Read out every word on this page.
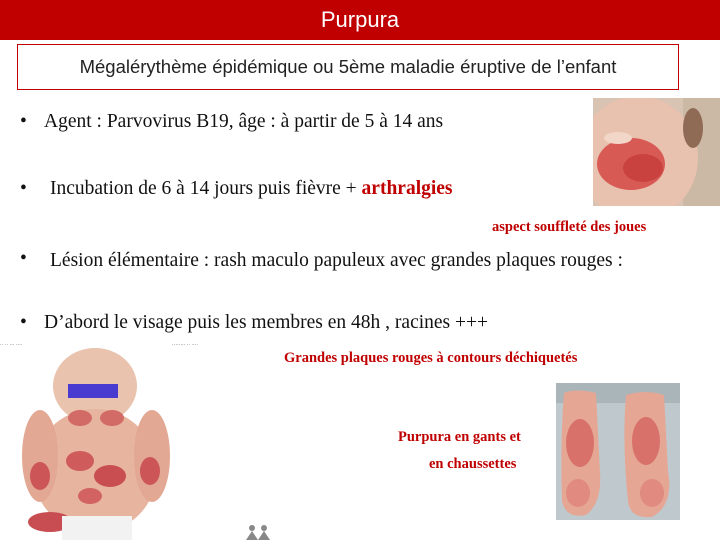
Purpura
Mégalérythème épidémique ou 5ème maladie éruptive de l’enfant
• Agent : Parvovirus B19, âge : à partir de 5 à 14 ans
• Incubation de 6 à 14 jours puis fièvre + arthralgies
aspect souffleté des joues
•	Lésion élémentaire : rash maculo papuleux avec grandes plaques rouges :
• D’abord le visage puis les membres en 48h , racines +++
Grandes plaques rouges à contours déchiquetés
·· ·· ··· ····	········ ·· ····
Purpura en gants et
en chaussettes
